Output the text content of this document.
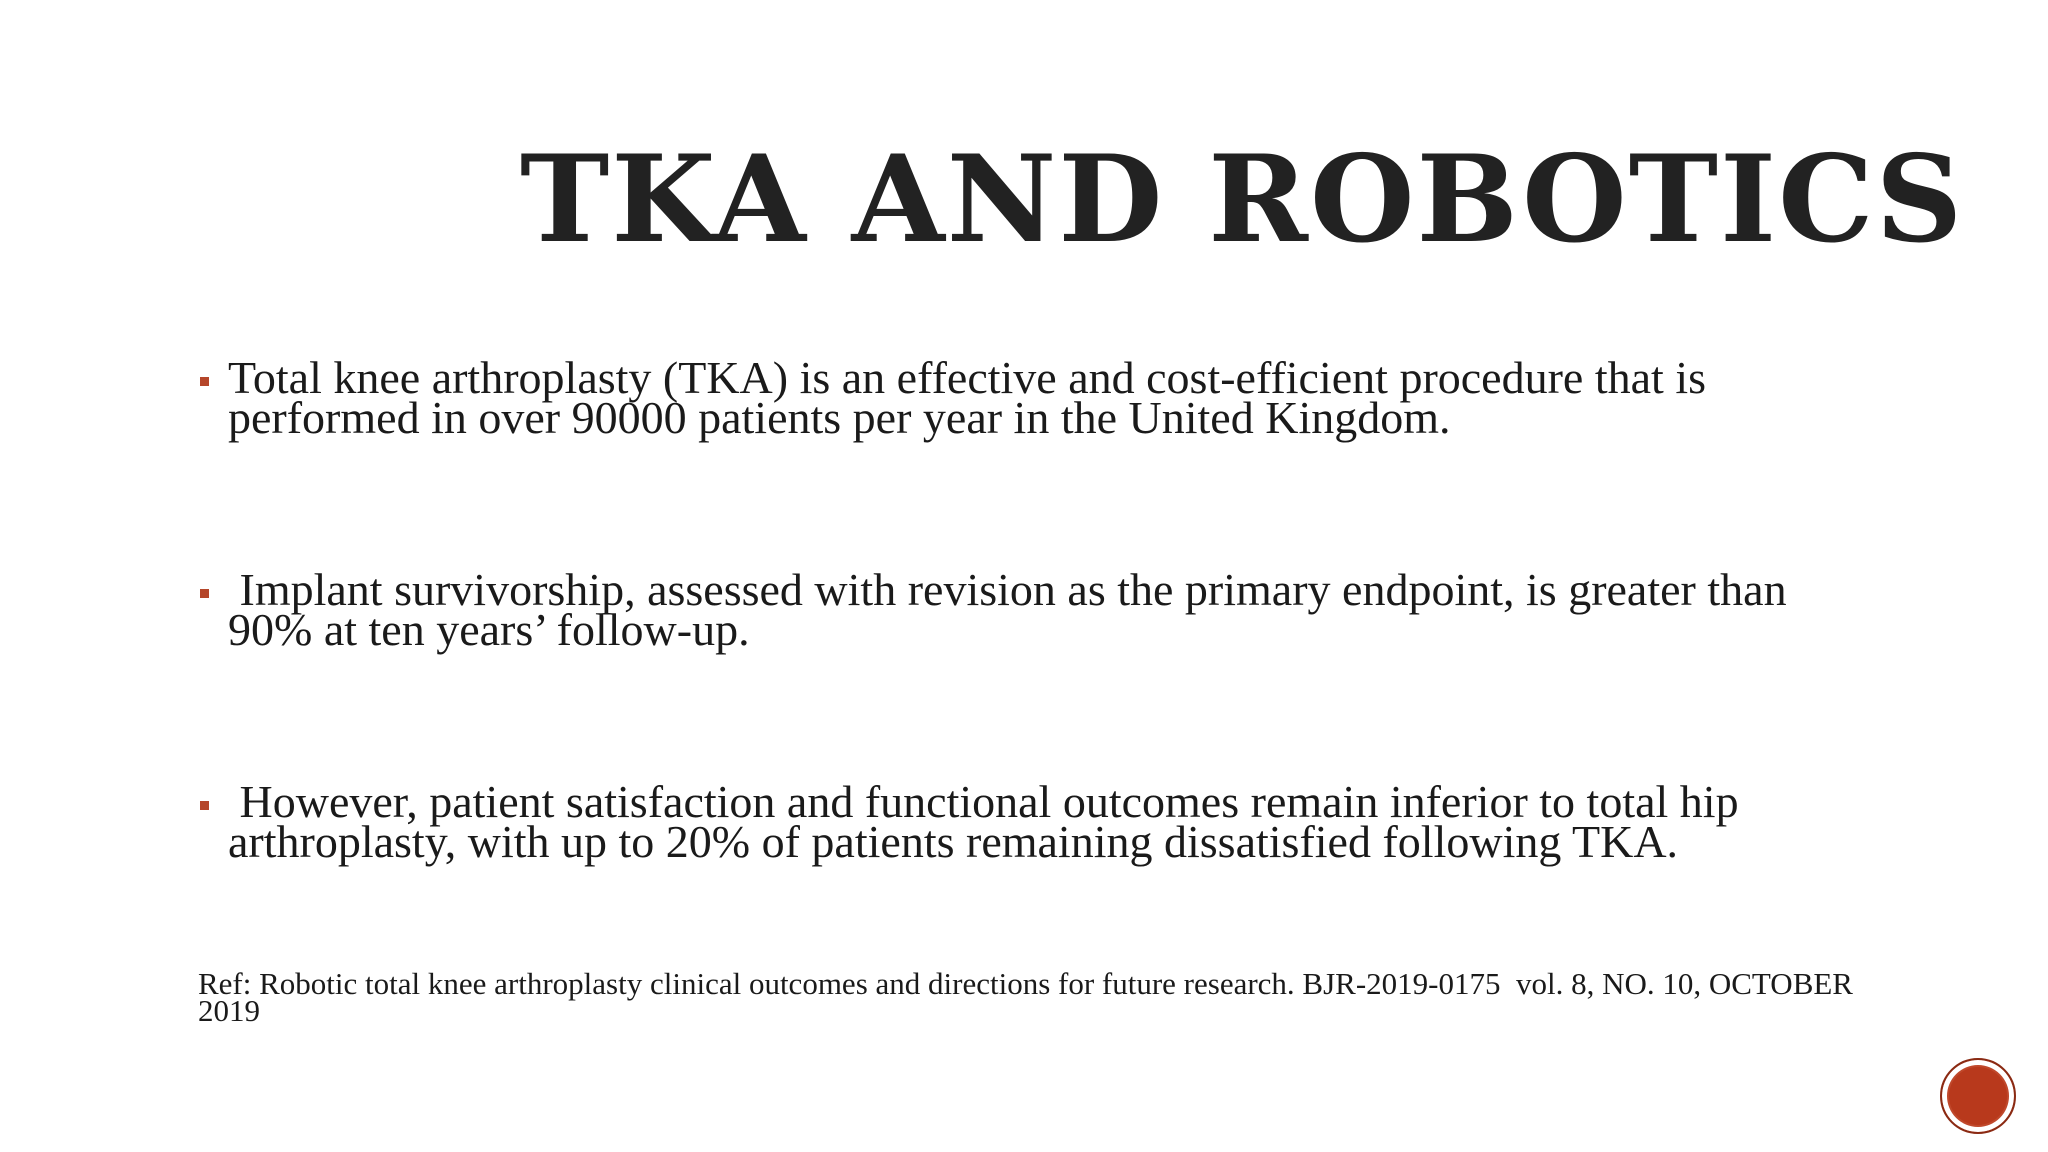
TKA AND ROBOTICS
Total knee arthroplasty (TKA) is an effective and cost-efficient procedure that is performed in over 90000 patients per year in the United Kingdom.
Implant survivorship, assessed with revision as the primary endpoint, is greater than 90% at ten years’ follow-up.
However, patient satisfaction and functional outcomes remain inferior to total hip arthroplasty, with up to 20% of patients remaining dissatisfied following TKA.

Ref: Robotic total knee arthroplasty clinical outcomes and directions for future research. BJR-2019-0175  vol. 8, NO. 10, OCTOBER 2019
